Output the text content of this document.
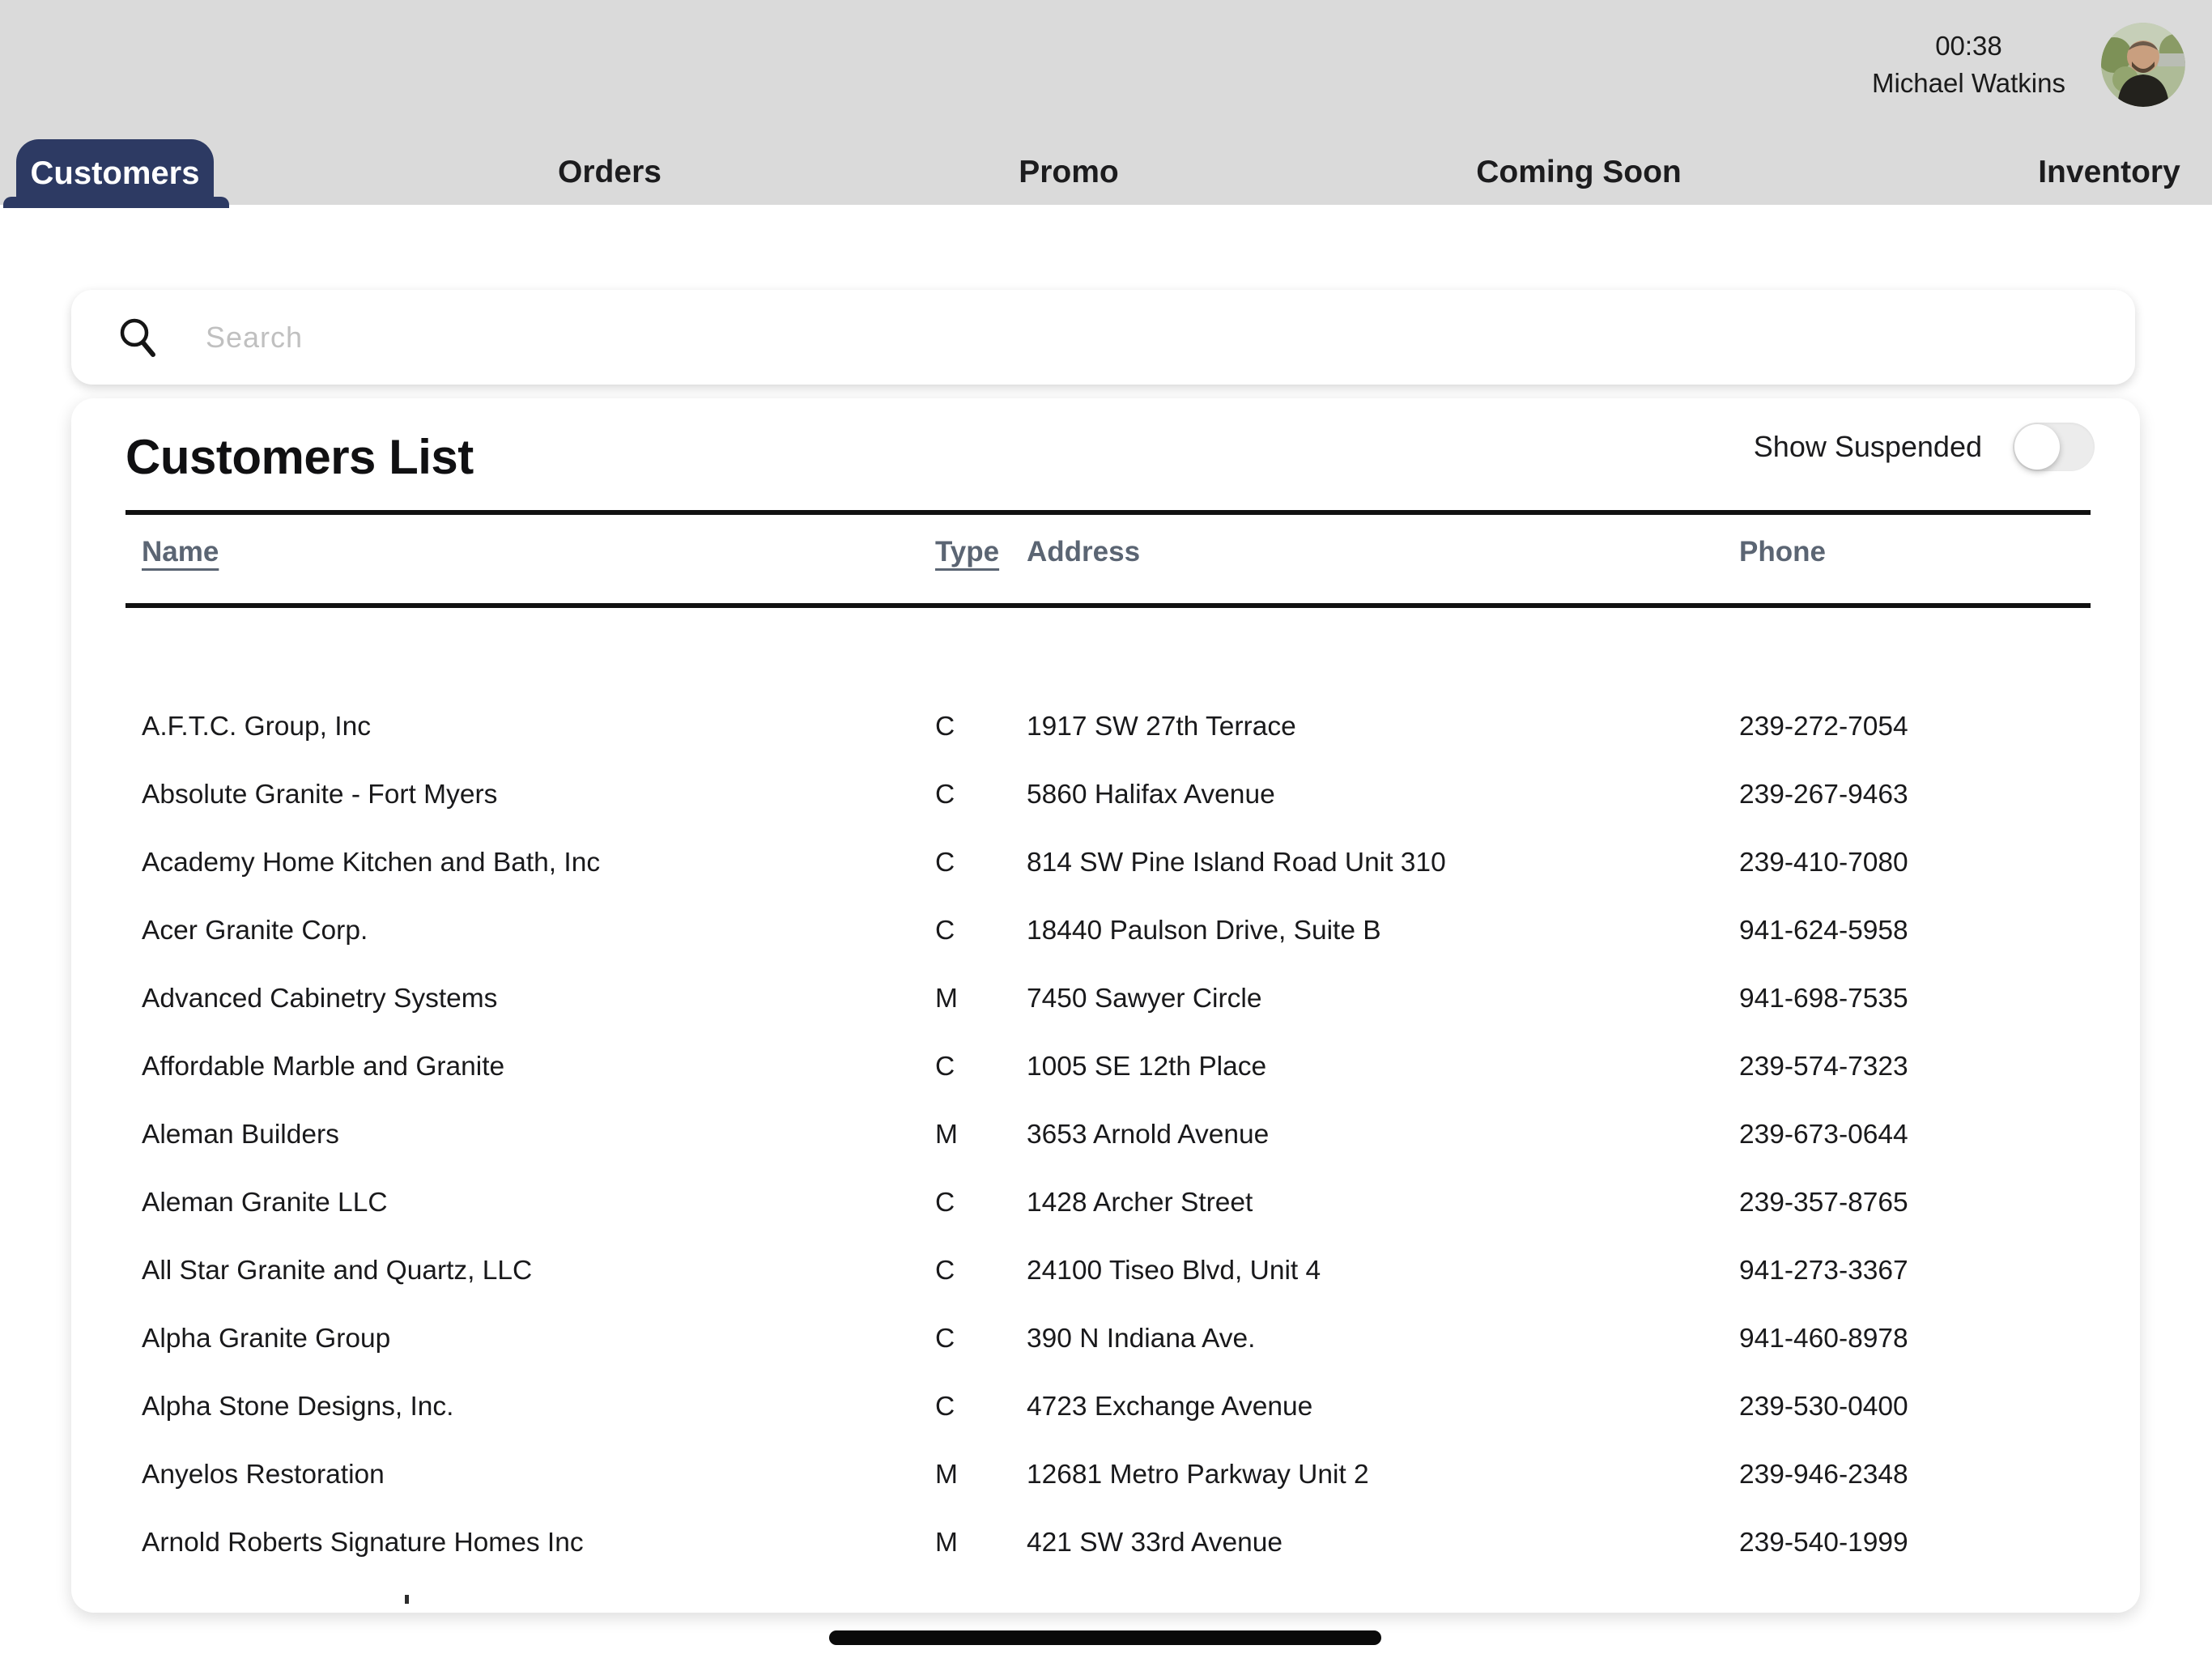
00:38
Michael Watkins
Customers	Orders	Promo	Coming Soon	Inventory
Search
Customers List	Show Suspended
Name	Type Address	Phone
A.F.T.C. Group, Inc	C	1917 SW 27th Terrace	239-272-7054
Absolute Granite - Fort Myers	C	5860 Halifax Avenue	239-267-9463
Academy Home Kitchen and Bath, Inc	C	814 SW Pine Island Road Unit 310	239-410-7080
Acer Granite Corp.	C	18440 Paulson Drive, Suite B	941-624-5958
Advanced Cabinetry Systems	M	7450 Sawyer Circle	941-698-7535
Affordable Marble and Granite	C	1005 SE 12th Place	239-574-7323
Aleman Builders	M	3653 Arnold Avenue	239-673-0644
Aleman Granite LLC	C	1428 Archer Street	239-357-8765
All Star Granite and Quartz, LLC	C	24100 Tiseo Blvd, Unit 4	941-273-3367
Alpha Granite Group	C	390 N Indiana Ave.	941-460-8978
Alpha Stone Designs, Inc.	C	4723 Exchange Avenue	239-530-0400
Anyelos Restoration	M	12681 Metro Parkway Unit 2	239-946-2348
Arnold Roberts Signature Homes Inc	M	421 SW 33rd Avenue	239-540-1999
